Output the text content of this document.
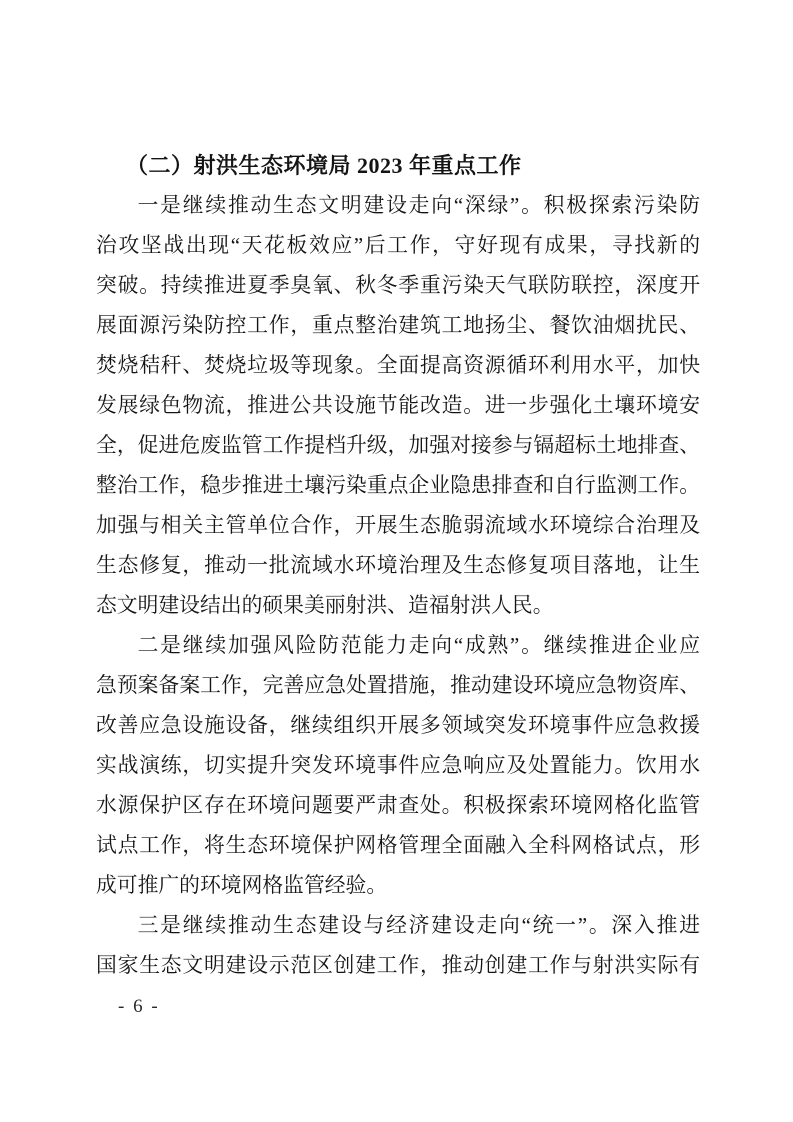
（二）射洪生态环境局 2023 年重点工作
一是继续推动生态文明建设走向“深绿”。积极探索污染防
治攻坚战出现“天花板效应”后工作，守好现有成果，寻找新的
突破。持续推进夏季臭氧、秋冬季重污染天气联防联控，深度开
展面源污染防控工作，重点整治建筑工地扬尘、餐饮油烟扰民、
焚烧秸秆、焚烧垃圾等现象。全面提高资源循环利用水平，加快
发展绿色物流，推进公共设施节能改造。进一步强化土壤环境安
全，促进危废监管工作提档升级，加强对接参与镉超标土地排查、
整治工作，稳步推进土壤污染重点企业隐患排查和自行监测工作。
加强与相关主管单位合作，开展生态脆弱流域水环境综合治理及
生态修复，推动一批流域水环境治理及生态修复项目落地，让生
态文明建设结出的硕果美丽射洪、造福射洪人民。
二是继续加强风险防范能力走向“成熟”。继续推进企业应
急预案备案工作，完善应急处置措施，推动建设环境应急物资库、
改善应急设施设备，继续组织开展多领域突发环境事件应急救援
实战演练，切实提升突发环境事件应急响应及处置能力。饮用水
水源保护区存在环境问题要严肃查处。积极探索环境网格化监管
试点工作，将生态环境保护网格管理全面融入全科网格试点，形
成可推广的环境网格监管经验。
三是继续推动生态建设与经济建设走向“统一”。深入推进
国家生态文明建设示范区创建工作，推动创建工作与射洪实际有
- 6 -
